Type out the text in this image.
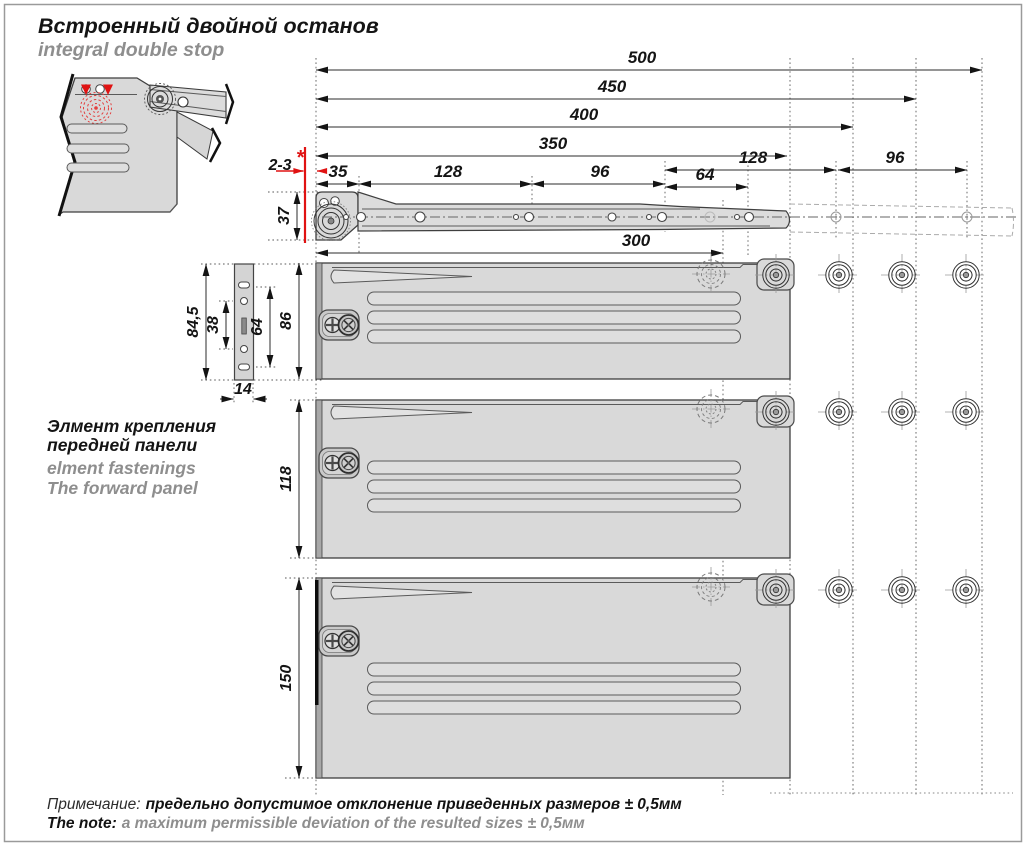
Встроенный двойной останов
integral double stop	500
450
400
350
128	96
35	128	96	64
2-3 *
37
300
84,5 38 64
14
Элмент крепления
передней панели
elment fastenings
The forward panel
86
118
150
Примечание: предельно допустимое отклонение приведенных размеров ± 0,5мм
The note: a maximum permissible deviation of the resulted sizes ± 0,5мм
